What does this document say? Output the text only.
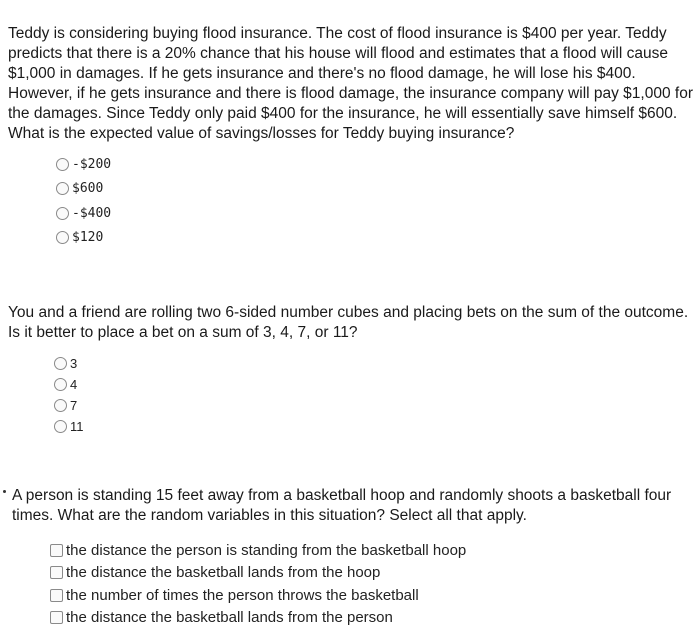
Teddy is considering buying flood insurance. The cost of flood insurance is $400 per year. Teddy predicts that there is a 20% chance that his house will flood and estimates that a flood will cause $1,000 in damages. If he gets insurance and there's no flood damage, he will lose his $400. However, if he gets insurance and there is flood damage, the insurance company will pay $1,000 for the damages. Since Teddy only paid $400 for the insurance, he will essentially save himself $600. What is the expected value of savings/losses for Teddy buying insurance?

-$200
$600
-$400
$120

You and a friend are rolling two 6-sided number cubes and placing bets on the sum of the outcome. Is it better to place a bet on a sum of 3, 4, 7, or 11?

3
4
7
11

A person is standing 15 feet away from a basketball hoop and randomly shoots a basketball four times. What are the random variables in this situation? Select all that apply.

the distance the person is standing from the basketball hoop
the distance the basketball lands from the hoop
the number of times the person throws the basketball
the distance the basketball lands from the person
